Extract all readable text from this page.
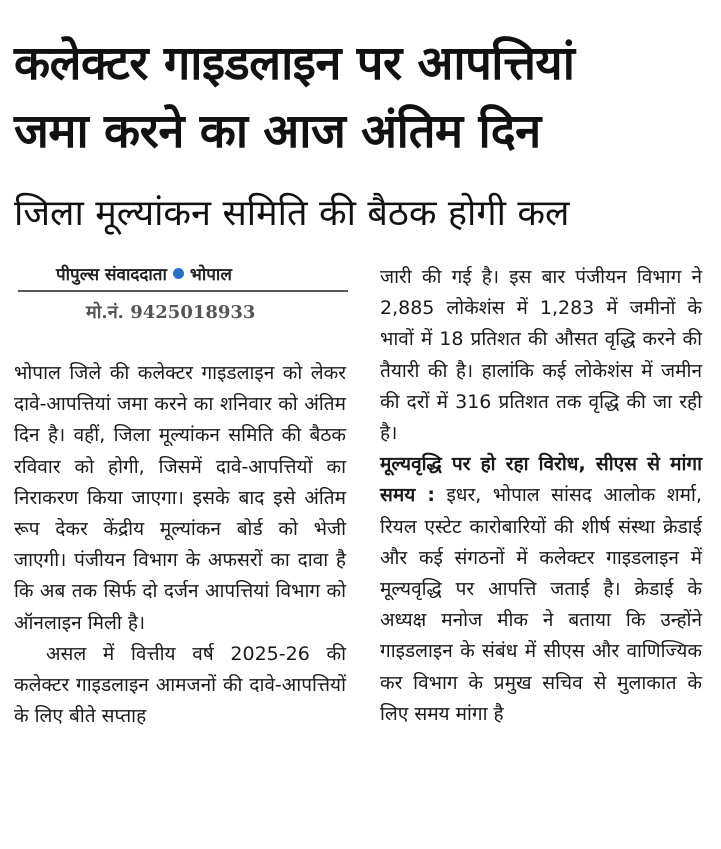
कलेक्टर गाइडलाइन पर आपत्तियां
जमा करने का आज अंतिम दिन
जिला मूल्यांकन समिति की बैठक होगी कल
पीपुल्स संवाददाता भोपाल
मो.नं. 9425018933

भोपाल जिले की कलेक्टर गाइडलाइन को लेकर दावे-आपत्तियां जमा करने का शनिवार को अंतिम दिन है। वहीं, जिला मूल्यांकन समिति की बैठक रविवार को होगी, जिसमें दावे-आपत्तियों का निराकरण किया जाएगा। इसके बाद इसे अंतिम रूप देकर केंद्रीय मूल्यांकन बोर्ड को भेजी जाएगी। पंजीयन विभाग के अफसरों का दावा है कि अब तक सिर्फ दो दर्जन आपत्तियां विभाग को ऑनलाइन मिली है।

असल में वित्तीय वर्ष 2025-26 की कलेक्टर गाइडलाइन आमजनों की दावे-आपत्तियों के लिए बीते सप्ताह

जारी की गई है। इस बार पंजीयन विभाग ने 2,885 लोकेशंस में 1,283 में जमीनों के भावों में 18 प्रतिशत की औसत वृद्धि करने की तैयारी की है। हालांकि कई लोकेशंस में जमीन की दरों में 316 प्रतिशत तक वृद्धि की जा रही है।

मूल्यवृद्धि पर हो रहा विरोध, सीएस से मांगा समय : इधर, भोपाल सांसद आलोक शर्मा, रियल एस्टेट कारोबारियों की शीर्ष संस्था क्रेडाई और कई संगठनों में कलेक्टर गाइडलाइन में मूल्यवृद्धि पर आपत्ति जताई है। क्रेडाई के अध्यक्ष मनोज मीक ने बताया कि उन्होंने गाइडलाइन के संबंध में सीएस और वाणिज्यिक कर विभाग के प्रमुख सचिव से मुलाकात के लिए समय मांगा है
